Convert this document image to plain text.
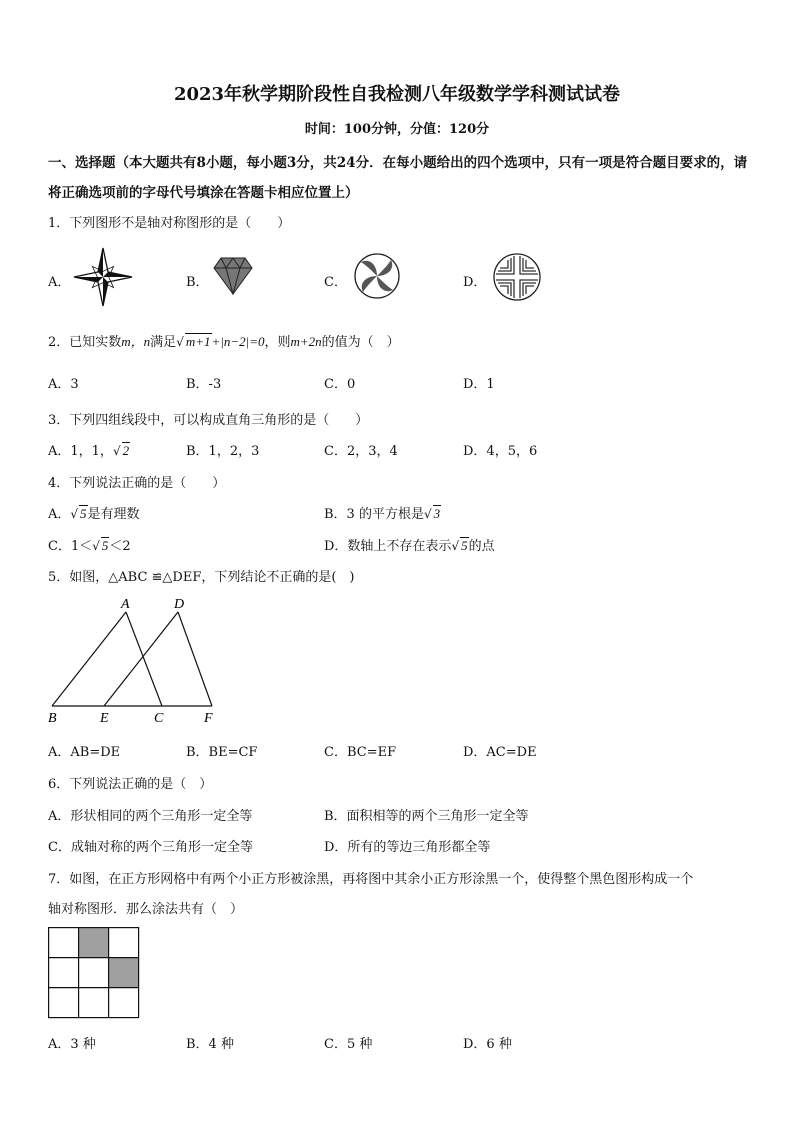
2023年秋学期阶段性自我检测八年级数学学科测试试卷
时间：100分钟，分值：120分
一、选择题（本大题共有8小题，每小题3分，共24分．在每小题给出的四个选项中，只有一项是符合题目要求的，请将正确选项前的字母代号填涂在答题卡相应位置上）
1．下列图形不是轴对称图形的是（　　）
A．	B．	C．	D．
2．已知实数m，n满足√ m+1+|n−2|=0，则m+2n的值为（　）
A．3	B．-3	C．0	D．1
3．下列四组线段中，可以构成直角三角形的是（　　）
A．1，1，√ 2	B．1，2，3	C．2，3，4	D．4，5，6
4．下列说法正确的是（　　）
A．√ 5是有理数	B．3 的平方根是√ 3
C．1＜√ 5＜2	D．数轴上不存在表示√ 5的点
5．如图，△ABC ≌△DEF，下列结论不正确的是(　)
A	D
B	E	C	F
A．AB=DE	B．BE=CF	C．BC=EF	D．AC=DE
6．下列说法正确的是（　）
A．形状相同的两个三角形一定全等	B．面积相等的两个三角形一定全等
C．成轴对称的两个三角形一定全等	D．所有的等边三角形都全等
7．如图，在正方形网格中有两个小正方形被涂黑，再将图中其余小正方形涂黑一个，使得整个黑色图形构成一个
轴对称图形．那么涂法共有（　）
A．3 种	B．4 种	C．5 种	D．6 种
